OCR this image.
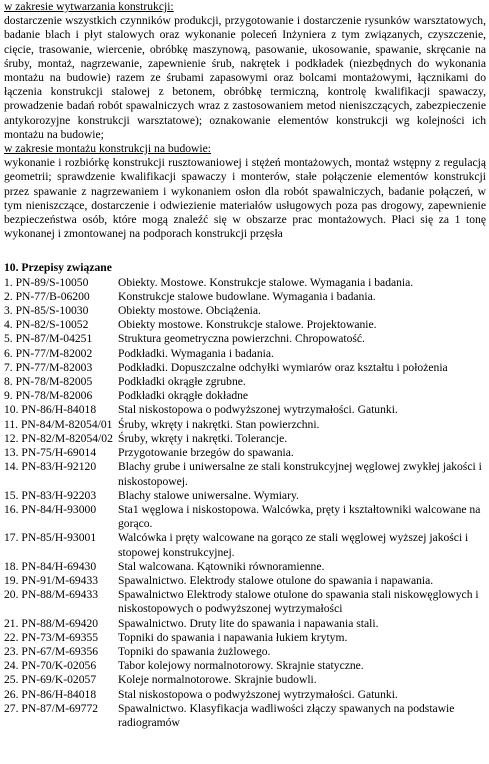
w zakresie wytwarzania konstrukcji:

dostarczenie wszystkich czynników produkcji, przygotowanie i dostarczenie rysunków warsztatowych, badanie blach i płyt stalowych oraz wykonanie poleceń Inżyniera z tym związanych, czyszczenie, cięcie, trasowanie, wiercenie, obróbkę maszynową, pasowanie, ukosowanie, spawanie, skręcanie na śruby, montaż, nagrzewanie, zapewnienie śrub, nakrętek i podkładek (niezbędnych do wykonania montażu na budowie) razem ze śrubami zapasowymi oraz bolcami montażowymi, łącznikami do łączenia konstrukcji stalowej z betonem, obróbkę termiczną, kontrolę kwalifikacji spawaczy, prowadzenie badań robót spawalniczych wraz z zastosowaniem metod nieniszczących, zabezpieczenie antykorozyjne konstrukcji warsztatowe); oznakowanie elementów konstrukcji wg kolejności ich montażu na budowie;

w zakresie montażu konstrukcji na budowie:

wykonanie i rozbiórkę konstrukcji rusztowaniowej i stężeń montażowych, montaż wstępny z regulacją geometrii; sprawdzenie kwalifikacji spawaczy i monterów, stałe połączenie elementów konstrukcji przez spawanie z nagrzewaniem i wykonaniem osłon dla robót spawalniczych, badanie połączeń, w tym nieniszczące, dostarczenie i odwiezienie materiałów usługowych poza pas drogowy, zapewnienie bezpieczeństwa osób, które mogą znaleźć się w obszarze prac montażowych. Płaci się za 1 tonę wykonanej i zmontowanej na podporach konstrukcji przęsła

10. Przepisy związane

1. PN-89/S-10050	Obiekty. Mostowe. Konstrukcje stalowe. Wymagania i badania.
2. PN-77/B-06200	Konstrukcje stalowe budowlane. Wymagania i badania.
3. PN-85/S-10030	Obiekty mostowe. Obciążenia.
4. PN-82/S-10052	Obiekty mostowe. Konstrukcje stalowe. Projektowanie.
5. PN-87/M-04251	Struktura geometryczna powierzchni. Chropowatość.
6. PN-77/M-82002	Podkładki. Wymagania i badania.
7. PN-77/M-82003	Podkładki. Dopuszczalne odchyłki wymiarów oraz kształtu i położenia
8. PN-78/M-82005	Podkładki okrągłe zgrubne.
9. PN-78/M-82006	Podkładki okrągłe dokładne
10. PN-86/H-84018	Stal niskostopowa o podwyższonej wytrzymałości. Gatunki.
11. PN-84/M-82054/01 Śruby, wkręty i nakrętki. Stan powierzchni.
12. PN-82/M-82054/02 Śruby, wkręty i nakrętki. Tolerancje.
13. PN-75/H-69014	Przygotowanie brzegów do spawania.
14. PN-83/H-92120	Blachy grube i uniwersalne ze stali konstrukcyjnej węglowej zwykłej jakości i niskostopowej.
15. PN-83/H-92203	Blachy stalowe uniwersalne. Wymiary.
16. PN-84/H-93000	Sta1 węglowa i niskostopowa. Walcówka, pręty i kształtowniki walcowane na gorąco.
17. PN-85/H-93001	Walcówka i pręty walcowane na gorąco ze stali węglowej wyższej jakości i stopowej konstrukcyjnej.
18. PN-84/H-69430	Stal walcowana. Kątowniki równoramienne.
19. PN-91/M-69433	Spawalnictwo. Elektrody stalowe otulone do spawania i napawania.
20. PN-88/M-69433	Spawalnictwo Elektrody stalowe otulone do spawania stali niskowęglowych i niskostopowych o podwyższonej wytrzymałości
21. PN-88/M-69420	Spawalnictwo. Druty lite do spawania i napawania stali.
22. PN-73/M-69355	Topniki do spawania i napawania łukiem krytym.
23. PN-67/M-69356	Topniki do spawania żużlowego.
24. PN-70/K-02056	Tabor kolejowy normalnotorowy. Skrajnie statyczne.
25. PN-69/K-02057	Koleje normalnotorowe. Skrajnie budowli.
26. PN-86/H-84018	Stal niskostopowa o podwyższonej wytrzymałości. Gatunki.
27. PN-87/M-69772	Spawalnictwo. Klasyfikacja wadliwości złączy spawanych na podstawie radiogramów
